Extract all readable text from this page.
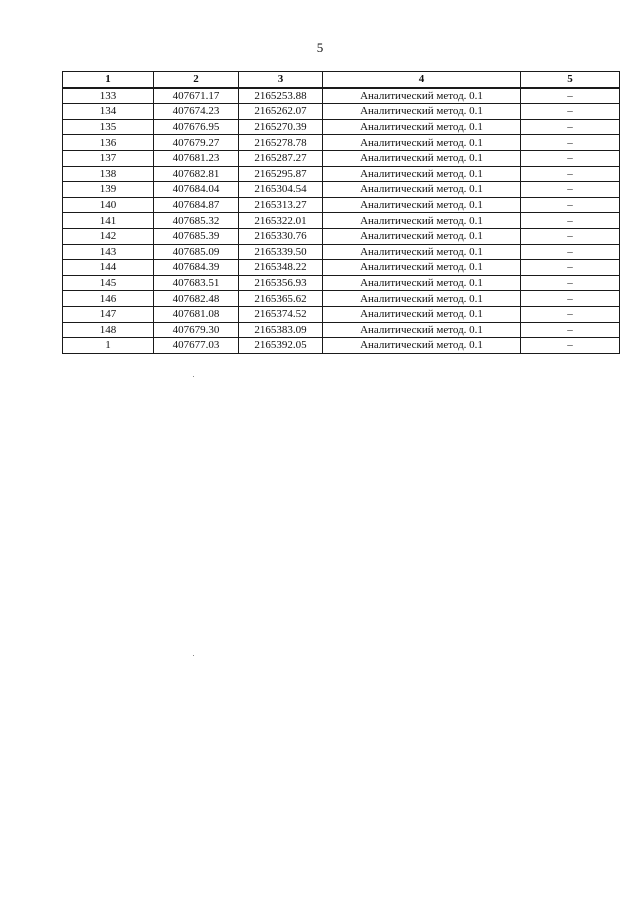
5
1	2	3	4	5
133	407671.17	2165253.88	Аналитический метод. 0.1	–
134	407674.23	2165262.07	Аналитический метод. 0.1	–
135	407676.95	2165270.39	Аналитический метод. 0.1	–
136	407679.27	2165278.78	Аналитический метод. 0.1	–
137	407681.23	2165287.27	Аналитический метод. 0.1	–
138	407682.81	2165295.87	Аналитический метод. 0.1	–
139	407684.04	2165304.54	Аналитический метод. 0.1	–
140	407684.87	2165313.27	Аналитический метод. 0.1	–
141	407685.32	2165322.01	Аналитический метод. 0.1	–
142	407685.39	2165330.76	Аналитический метод. 0.1	–
143	407685.09	2165339.50	Аналитический метод. 0.1	–
144	407684.39	2165348.22	Аналитический метод. 0.1	–
145	407683.51	2165356.93	Аналитический метод. 0.1	–
146	407682.48	2165365.62	Аналитический метод. 0.1	–
147	407681.08	2165374.52	Аналитический метод. 0.1	–
148	407679.30	2165383.09	Аналитический метод. 0.1	–
1	407677.03	2165392.05	Аналитический метод. 0.1	–
